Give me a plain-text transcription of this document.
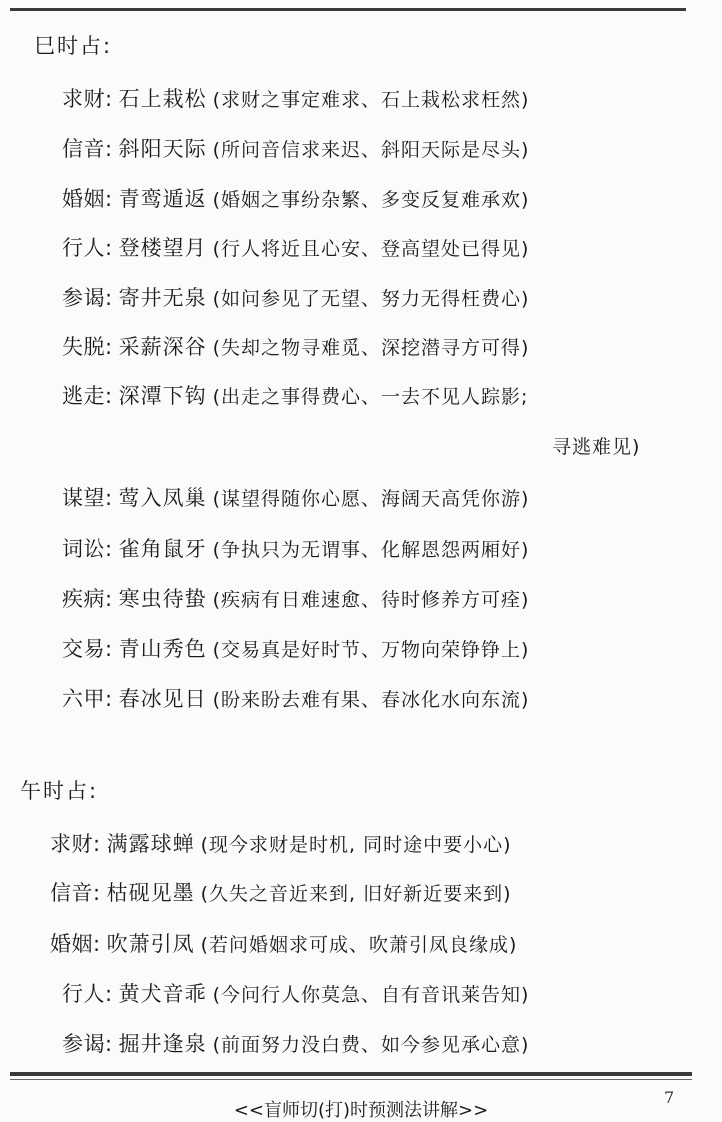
巳时占:
求财: 石上栽松 (求财之事定难求、石上栽松求枉然)
信音: 斜阳天际 (所问音信求来迟、斜阳天际是尽头)
婚姻: 青鸾遁返 (婚姻之事纷杂繁、多变反复难承欢)
行人: 登楼望月 (行人将近且心安、登高望处已得见)
参谒: 寄井无泉 (如问参见了无望、努力无得枉费心)
失脱: 采薪深谷 (失却之物寻难觅、深挖潜寻方可得)
逃走: 深潭下钩 (出走之事得费心、一去不见人踪影;
寻逃难见)
谋望: 莺入凤巢 (谋望得随你心愿、海阔天高凭你游)
词讼: 雀角鼠牙 (争执只为无谓事、化解恩怨两厢好)
疾病: 寒虫待蛰 (疾病有日难速愈、待时修养方可痊)
交易: 青山秀色 (交易真是好时节、万物向荣铮铮上)
六甲: 春冰见日 (盼来盼去难有果、春冰化水向东流)
午时占:
求财: 满露球蝉 (现今求财是时机, 同时途中要小心)
信音: 枯砚见墨 (久失之音近来到, 旧好新近要来到)
婚姻: 吹萧引凤 (若问婚姻求可成、吹萧引凤良缘成)
行人: 黄犬音乖 (今问行人你莫急、自有音讯莱告知)
参谒: 掘井逢泉 (前面努力没白费、如今参见承心意)
<<盲师切(打)时预测法讲解>>
7
